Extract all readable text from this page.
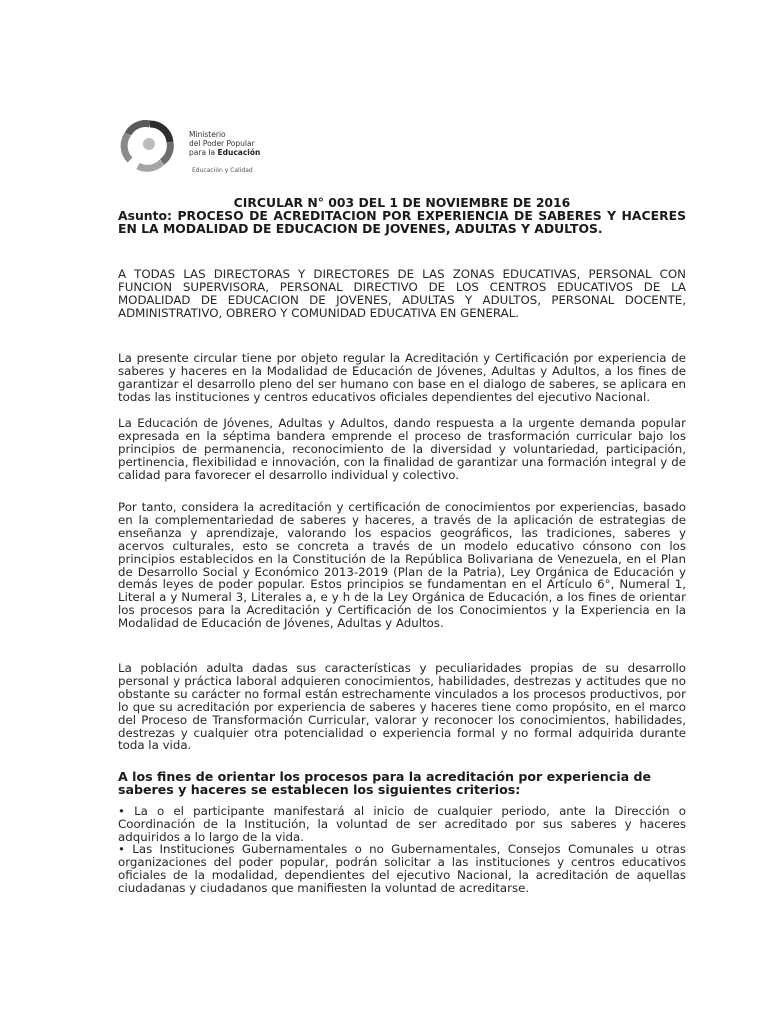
Ministerio
del Poder Popular
para la Educación
Educación y Calidad
CIRCULAR N° 003 DEL 1 DE NOVIEMBRE DE 2016
Asunto: PROCESO DE ACREDITACION POR EXPERIENCIA DE SABERES Y HACERES EN LA MODALIDAD DE EDUCACION DE JOVENES, ADULTAS Y ADULTOS.
A TODAS LAS DIRECTORAS Y DIRECTORES DE LAS ZONAS EDUCATIVAS, PERSONAL CON FUNCION SUPERVISORA, PERSONAL DIRECTIVO DE LOS CENTROS EDUCATIVOS DE LA MODALIDAD DE EDUCACION DE JOVENES, ADULTAS Y ADULTOS, PERSONAL DOCENTE, ADMINISTRATIVO, OBRERO Y COMUNIDAD EDUCATIVA EN GENERAL.
La presente circular tiene por objeto regular la Acreditación y Certificación por experiencia de saberes y haceres en la Modalidad de Educación de Jóvenes, Adultas y Adultos, a los fines de garantizar el desarrollo pleno del ser humano con base en el dialogo de saberes, se aplicara en todas las instituciones y centros educativos oficiales dependientes del ejecutivo Nacional.
La Educación de Jóvenes, Adultas y Adultos, dando respuesta a la urgente demanda popular expresada en la séptima bandera emprende el proceso de trasformación curricular bajo los principios de permanencia, reconocimiento de la diversidad y voluntariedad, participación, pertinencia, flexibilidad e innovación, con la finalidad de garantizar una formación integral y de calidad para favorecer el desarrollo individual y colectivo.
Por tanto, considera la acreditación y certificación de conocimientos por experiencias, basado en la complementariedad de saberes y haceres, a través de la aplicación de estrategias de enseñanza y aprendizaje, valorando los espacios geográficos, las tradiciones, saberes y acervos culturales, esto se concreta a través de un modelo educativo cónsono con los principios establecidos en la Constitución de la República Bolivariana de Venezuela, en el Plan de Desarrollo Social y Económico 2013-2019 (Plan de la Patria), Ley Orgánica de Educación y demás leyes de poder popular. Estos principios se fundamentan en el Artículo 6°, Numeral 1, Literal a y Numeral 3, Literales a, e y h de la Ley Orgánica de Educación, a los fines de orientar los procesos para la Acreditación y Certificación de los Conocimientos y la Experiencia en la Modalidad de Educación de Jóvenes, Adultas y Adultos.
La población adulta dadas sus características y peculiaridades propias de su desarrollo personal y práctica laboral adquieren conocimientos, habilidades, destrezas y actitudes que no obstante su carácter no formal están estrechamente vinculados a los procesos productivos, por lo que su acreditación por experiencia de saberes y haceres tiene como propósito, en el marco del Proceso de Transformación Curricular, valorar y reconocer los conocimientos, habilidades, destrezas y cualquier otra potencialidad o experiencia formal y no formal adquirida durante toda la vida.
A los fines de orientar los procesos para la acreditación por experiencia de saberes y haceres se establecen los siguientes criterios:
• La o el participante manifestará al inicio de cualquier periodo, ante la Dirección o Coordinación de la Institución, la voluntad de ser acreditado por sus saberes y haceres adquiridos a lo largo de la vida.
• Las Instituciones Gubernamentales o no Gubernamentales, Consejos Comunales u otras organizaciones del poder popular, podrán solicitar a las instituciones y centros educativos oficiales de la modalidad, dependientes del ejecutivo Nacional, la acreditación de aquellas ciudadanas y ciudadanos que manifiesten la voluntad de acreditarse.
